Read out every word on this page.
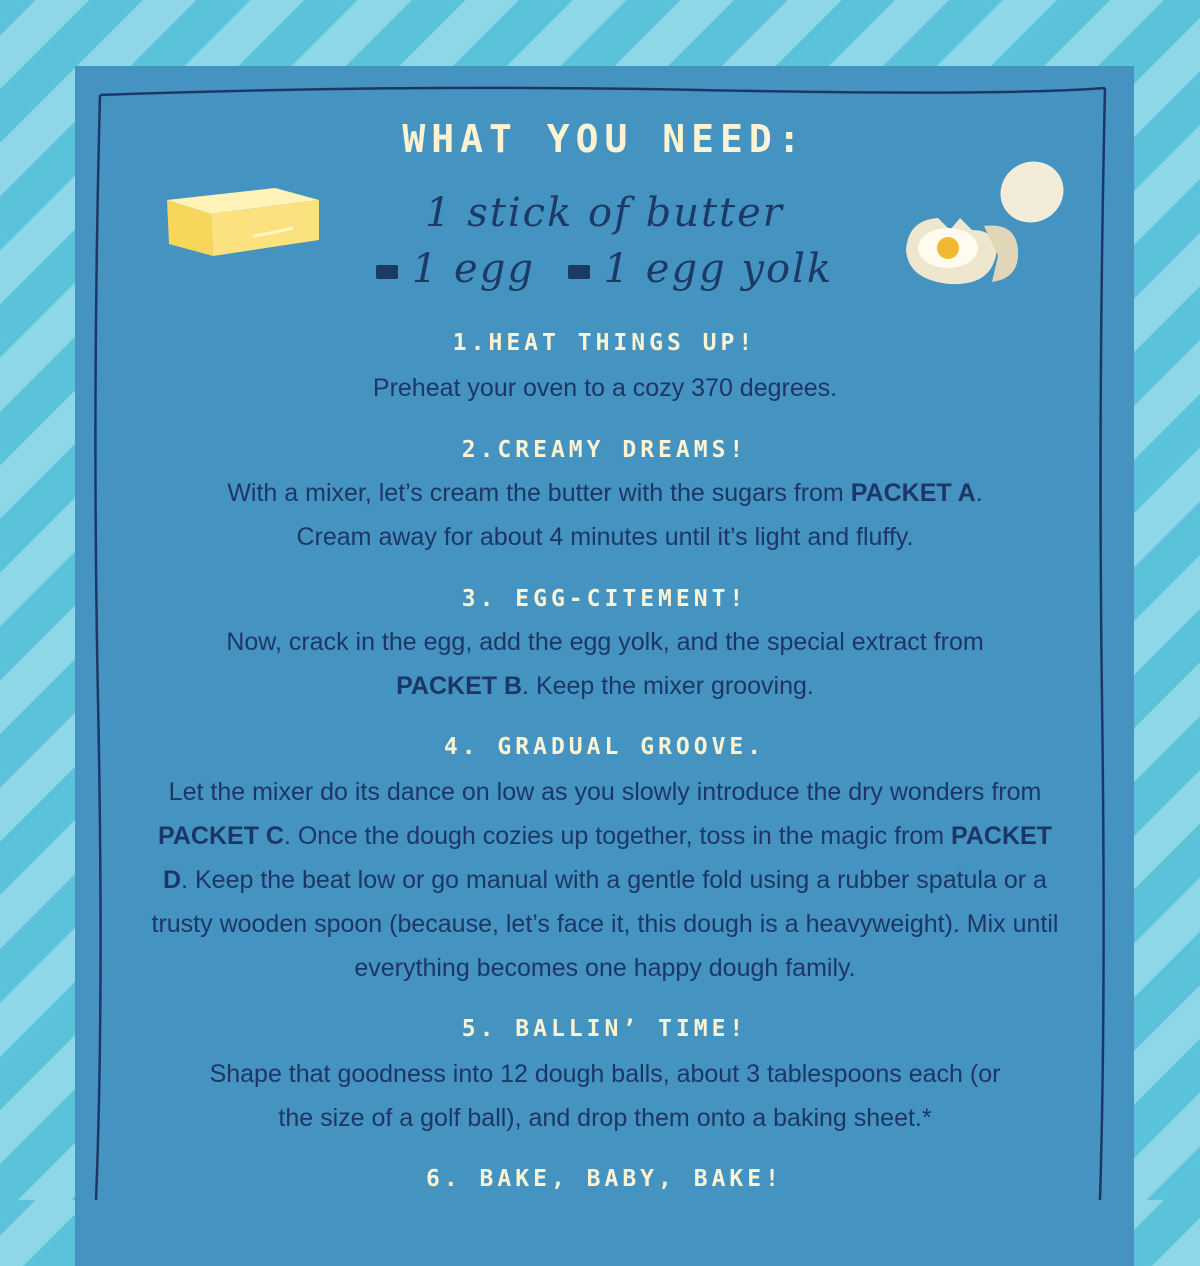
WHAT YOU NEED:
1 stick of butter
1 egg 1 egg yolk
1.HEAT THINGS UP!
Preheat your oven to a cozy 370 degrees.
2.CREAMY DREAMS!
With a mixer, let’s cream the butter with the sugars from PACKET A. Cream away for about 4 minutes until it’s light and fluffy.
3. EGG-CITEMENT!
Now, crack in the egg, add the egg yolk, and the special extract from PACKET B. Keep the mixer grooving.
4. GRADUAL GROOVE.
Let the mixer do its dance on low as you slowly introduce the dry wonders from PACKET C. Once the dough cozies up together, toss in the magic from PACKET D. Keep the beat low or go manual with a gentle fold using a rubber spatula or a trusty wooden spoon (because, let’s face it, this dough is a heavyweight). Mix until everything becomes one happy dough family.
5. BALLIN’ TIME!
Shape that goodness into 12 dough balls, about 3 tablespoons each (or the size of a golf ball), and drop them onto a baking sheet.*
6. BAKE, BABY, BAKE!
